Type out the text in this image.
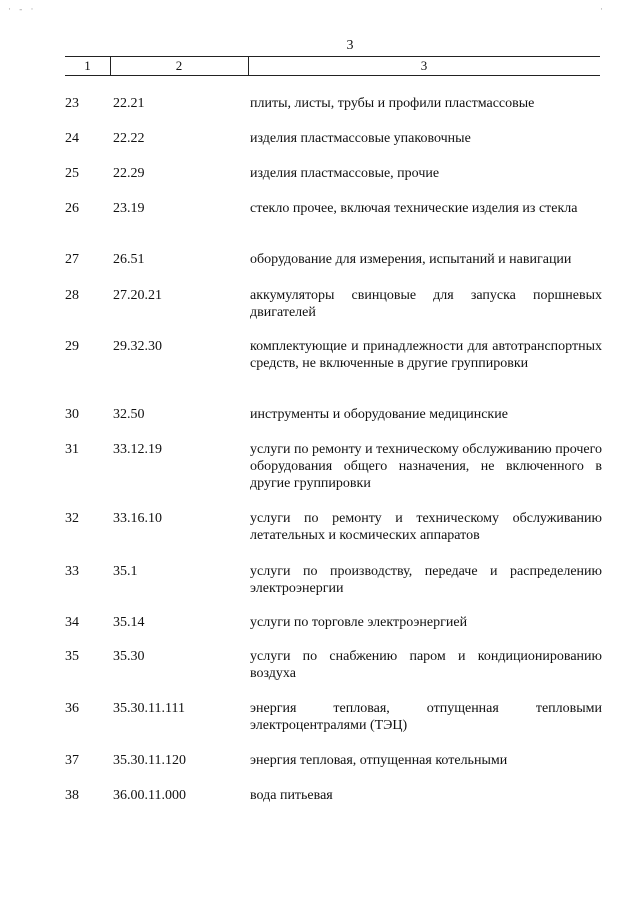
· - ·	·
3
1	2	3
23	22.21	плиты, листы, трубы и профили пластмассовые
24	22.22	изделия пластмассовые упаковочные
25	22.29	изделия пластмассовые, прочие
26	23.19	стекло прочее, включая технические изделия из стекла
27	26.51	оборудование для измерения, испытаний и навигации
28	27.20.21	аккумуляторы свинцовые для запуска поршневых двигателей
29	29.32.30	комплектующие и принадлежности для автотранспортных средств, не включенные в другие группировки
30	32.50	инструменты и оборудование медицинские
31	33.12.19	услуги по ремонту и техническому обслуживанию прочего оборудования общего назначения, не включенного в другие группировки
32	33.16.10	услуги по ремонту и техническому обслуживанию летательных и космических аппаратов
33	35.1	услуги по производству, передаче и распределению электроэнергии
34	35.14	услуги по торговле электроэнергией
35	35.30	услуги по снабжению паром и кондиционированию воздуха
36	35.30.11.111	энергия тепловая, отпущенная тепловыми электроцентралями (ТЭЦ)
37	35.30.11.120	энергия тепловая, отпущенная котельными
38	36.00.11.000	вода питьевая
